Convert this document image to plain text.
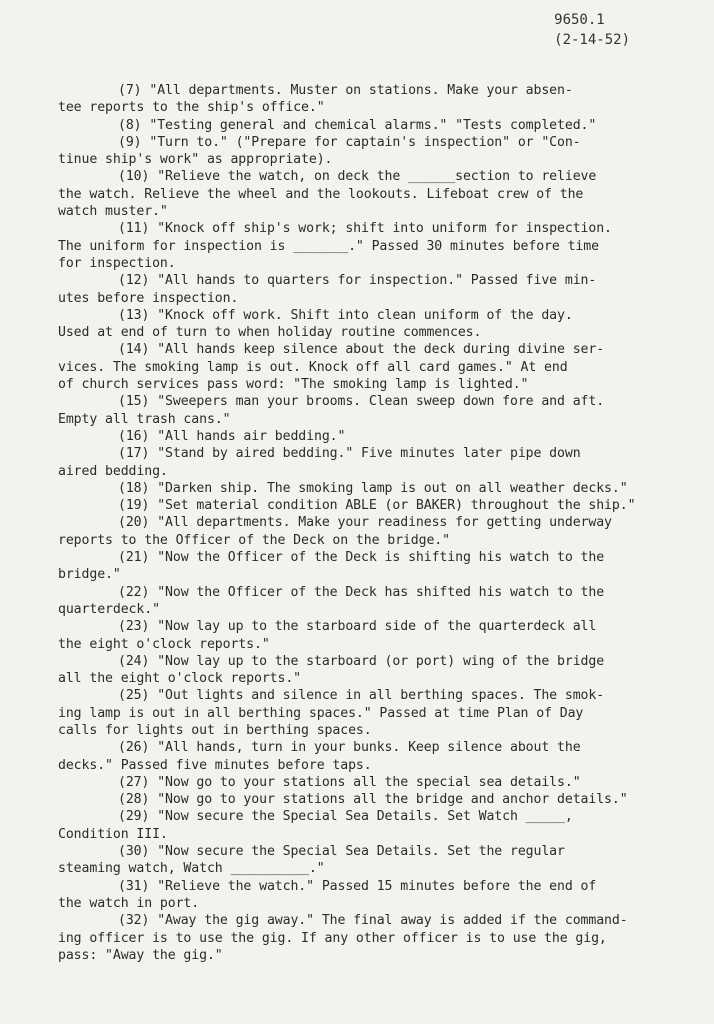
9650.1
(2-14-52)
(7) "All departments. Muster on stations. Make your absen-
tee reports to the ship's office."
(8) "Testing general and chemical alarms." "Tests completed."
(9) "Turn to." ("Prepare for captain's inspection" or "Con-
tinue ship's work" as appropriate).
(10) "Relieve the watch, on deck the ______section to relieve
the watch. Relieve the wheel and the lookouts. Lifeboat crew of the
watch muster."
(11) "Knock off ship's work; shift into uniform for inspection.
The uniform for inspection is _______." Passed 30 minutes before time
for inspection.
(12) "All hands to quarters for inspection." Passed five min-
utes before inspection.
(13) "Knock off work. Shift into clean uniform of the day.
Used at end of turn to when holiday routine commences.
(14) "All hands keep silence about the deck during divine ser-
vices. The smoking lamp is out. Knock off all card games." At end
of church services pass word: "The smoking lamp is lighted."
(15) "Sweepers man your brooms. Clean sweep down fore and aft.
Empty all trash cans."
(16) "All hands air bedding."
(17) "Stand by aired bedding." Five minutes later pipe down
aired bedding.
(18) "Darken ship. The smoking lamp is out on all weather decks."
(19) "Set material condition ABLE (or BAKER) throughout the ship."
(20) "All departments. Make your readiness for getting underway
reports to the Officer of the Deck on the bridge."
(21) "Now the Officer of the Deck is shifting his watch to the
bridge."
(22) "Now the Officer of the Deck has shifted his watch to the
quarterdeck."
(23) "Now lay up to the starboard side of the quarterdeck all
the eight o'clock reports."
(24) "Now lay up to the starboard (or port) wing of the bridge
all the eight o'clock reports."
(25) "Out lights and silence in all berthing spaces. The smok-
ing lamp is out in all berthing spaces." Passed at time Plan of Day
calls for lights out in berthing spaces.
(26) "All hands, turn in your bunks. Keep silence about the
decks." Passed five minutes before taps.
(27) "Now go to your stations all the special sea details."
(28) "Now go to your stations all the bridge and anchor details."
(29) "Now secure the Special Sea Details. Set Watch _____,
Condition III.
(30) "Now secure the Special Sea Details. Set the regular
steaming watch, Watch __________."
(31) "Relieve the watch." Passed 15 minutes before the end of
the watch in port.
(32) "Away the gig away." The final away is added if the command-
ing officer is to use the gig. If any other officer is to use the gig,
pass: "Away the gig."
